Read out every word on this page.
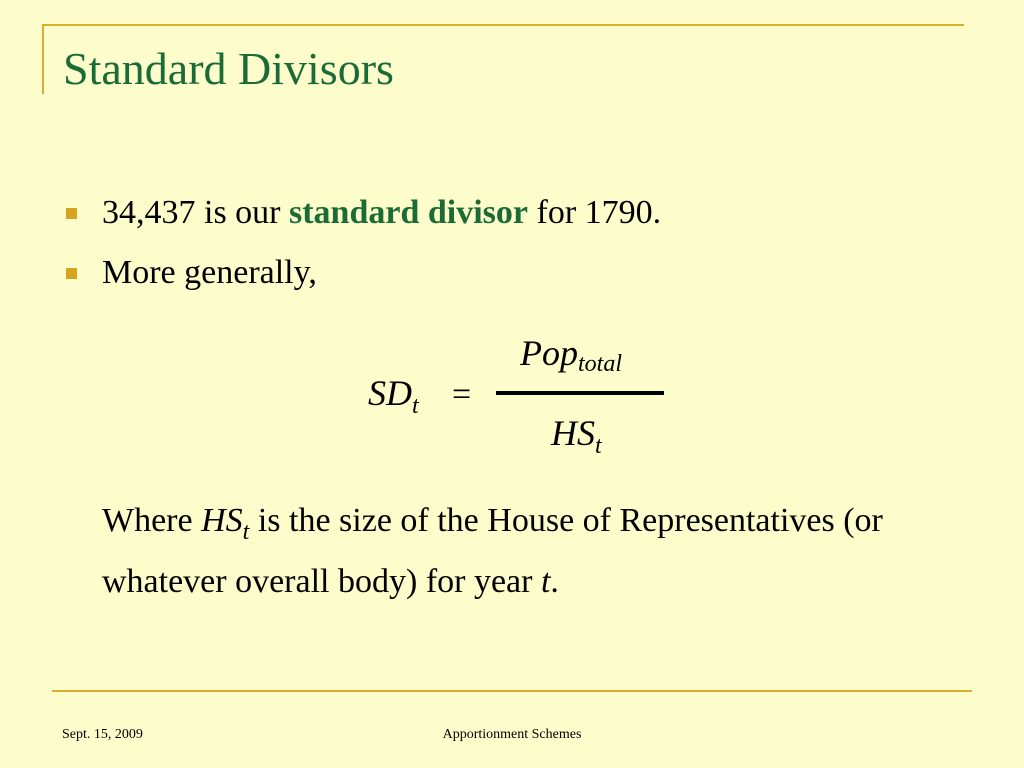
Standard Divisors
34,437 is our standard divisor for 1790.
More generally,
$SD_t$ =
Pop$_{total}$
$HS_t$
Where $HS_t$ is the size of the House of Representatives (or whatever overall body) for year t.
Sept. 15, 2009	Apportionment Schemes
